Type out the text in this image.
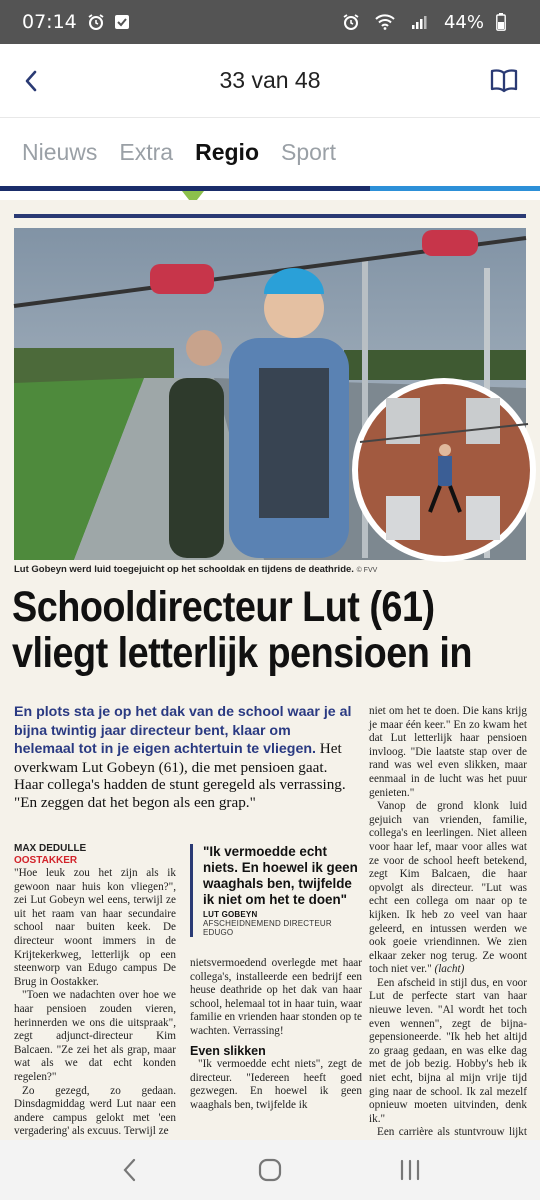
07:14	44%
33 van 48
Nieuws Extra Regio Sport
Lut Gobeyn werd luid toegejuicht op het schooldak en tijdens de deathride. © FVV
Schooldirecteur Lut (61)
vliegt letterlijk pensioen in
En plots sta je op het dak van de school waar je al bijna twintig jaar directeur bent, klaar om helemaal tot in je eigen achtertuin te vliegen. Het overkwam Lut Gobeyn (61), die met pensioen gaat. Haar collega's hadden de stunt geregeld als verrassing. "En zeggen dat het begon als een grap."

MAX DEDULLE

OOSTAKKER

"Hoe leuk zou het zijn als ik gewoon naar huis kon vliegen?", zei Lut Gobeyn wel eens, terwijl ze uit het raam van haar secundaire school naar buiten keek. De directeur woont immers in de Krijtekerkweg, letterlijk op een steenworp van Edugo campus De Brug in Oostakker.

"Toen we nadachten over hoe we haar pensioen zouden vieren, herinnerden we ons die uitspraak", zegt adjunct-directeur Kim Balcaen. "Ze zei het als grap, maar wat als we dat echt konden regelen?"

Zo gezegd, zo gedaan. Dinsdagmiddag werd Lut naar een andere campus gelokt met 'een vergadering' als excuus. Terwijl ze

"Ik vermoedde echt niets. En hoewel ik geen waaghals ben, twijfelde ik niet om het te doen"
LUT GOBEYN
AFSCHEIDNEMEND DIRECTEUR EDUGO

nietsvermoedend overlegde met haar collega's, installeerde een bedrijf een heuse deathride op het dak van haar school, helemaal tot in haar tuin, waar familie en vrienden haar stonden op te wachten. Verrassing!

Even slikken

"Ik vermoedde echt niets", zegt de directeur. "Iedereen heeft goed gezwegen. En hoewel ik geen waaghals ben, twijfelde ik

niet om het te doen. Die kans krijg je maar één keer." En zo kwam het dat Lut letterlijk haar pensioen invloog. "Die laatste stap over de rand was wel even slikken, maar eenmaal in de lucht was het puur genieten."

Vanop de grond klonk luid gejuich van vrienden, familie, collega's en leerlingen. Niet alleen voor haar lef, maar voor alles wat ze voor de school heeft betekend, zegt Kim Balcaen, die haar opvolgt als directeur. "Lut was echt een collega om naar op te kijken. Ik heb zo veel van haar geleerd, en intussen werden we ook goeie vriendinnen. We zien elkaar zeker nog terug. Ze woont toch niet ver." (lacht)

Een afscheid in stijl dus, en voor Lut de perfecte start van haar nieuwe leven. "Al wordt het toch even wennen", zegt de bijna-gepensioneerde. "Ik heb het altijd zo graag gedaan, en was elke dag met de job bezig. Hobby's heb ik niet echt, bijna al mijn vrije tijd ging naar de school. Ik zal mezelf opnieuw moeten uitvinden, denk ik."

Een carrière als stuntvrouw lijkt
